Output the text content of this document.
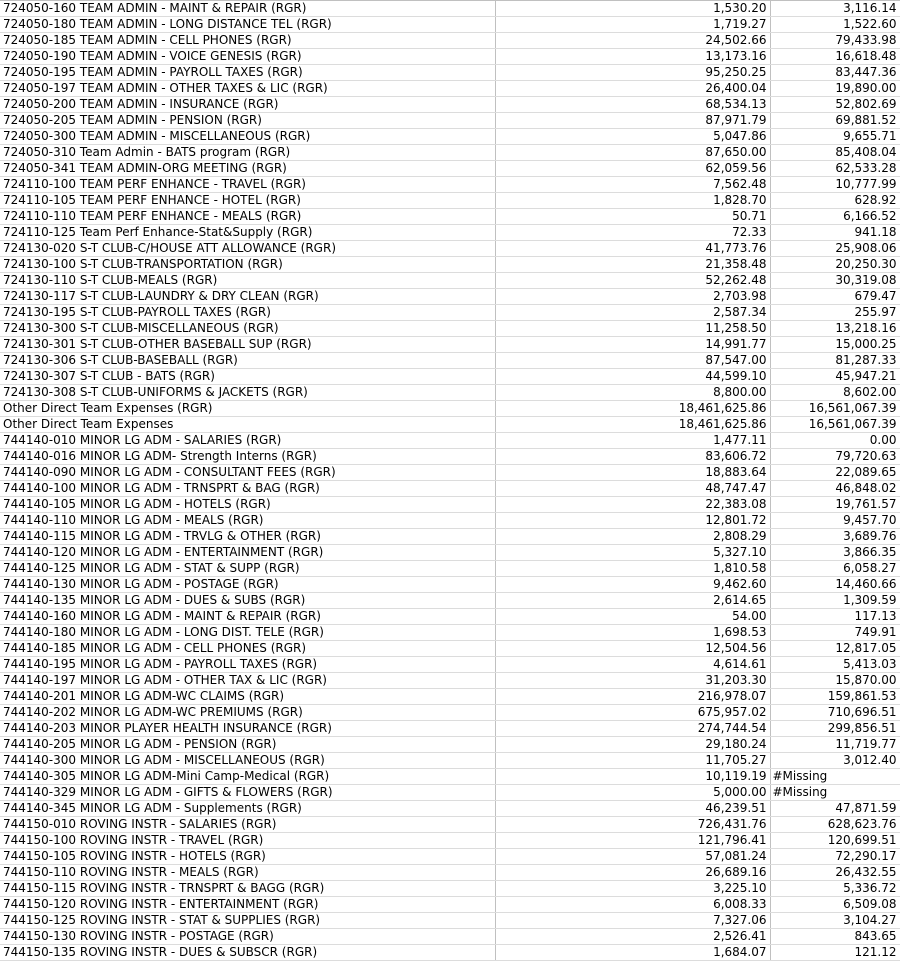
724050-160 TEAM ADMIN - MAINT & REPAIR (RGR)	1,530.20	3,116.14
724050-180 TEAM ADMIN - LONG DISTANCE TEL (RGR)	1,719.27	1,522.60
724050-185 TEAM ADMIN - CELL PHONES (RGR)	24,502.66	79,433.98
724050-190 TEAM ADMIN - VOICE GENESIS (RGR)	13,173.16	16,618.48
724050-195 TEAM ADMIN - PAYROLL TAXES (RGR)	95,250.25	83,447.36
724050-197 TEAM ADMIN - OTHER TAXES & LIC (RGR)	26,400.04	19,890.00
724050-200 TEAM ADMIN - INSURANCE (RGR)	68,534.13	52,802.69
724050-205 TEAM ADMIN - PENSION (RGR)	87,971.79	69,881.52
724050-300 TEAM ADMIN - MISCELLANEOUS (RGR)	5,047.86	9,655.71
724050-310 Team Admin - BATS program (RGR)	87,650.00	85,408.04
724050-341 TEAM ADMIN-ORG MEETING (RGR)	62,059.56	62,533.28
724110-100 TEAM PERF ENHANCE - TRAVEL (RGR)	7,562.48	10,777.99
724110-105 TEAM PERF ENHANCE - HOTEL (RGR)	1,828.70	628.92
724110-110 TEAM PERF ENHANCE - MEALS (RGR)	50.71	6,166.52
724110-125 Team Perf Enhance-Stat&Supply (RGR)	72.33	941.18
724130-020 S-T CLUB-C/HOUSE ATT ALLOWANCE (RGR)	41,773.76	25,908.06
724130-100 S-T CLUB-TRANSPORTATION (RGR)	21,358.48	20,250.30
724130-110 S-T CLUB-MEALS (RGR)	52,262.48	30,319.08
724130-117 S-T CLUB-LAUNDRY & DRY CLEAN (RGR)	2,703.98	679.47
724130-195 S-T CLUB-PAYROLL TAXES (RGR)	2,587.34	255.97
724130-300 S-T CLUB-MISCELLANEOUS (RGR)	11,258.50	13,218.16
724130-301 S-T CLUB-OTHER BASEBALL SUP (RGR)	14,991.77	15,000.25
724130-306 S-T CLUB-BASEBALL (RGR)	87,547.00	81,287.33
724130-307 S-T CLUB - BATS (RGR)	44,599.10	45,947.21
724130-308 S-T CLUB-UNIFORMS & JACKETS (RGR)	8,800.00	8,602.00
Other Direct Team Expenses (RGR)	18,461,625.86	16,561,067.39
Other Direct Team Expenses	18,461,625.86	16,561,067.39
744140-010 MINOR LG ADM - SALARIES (RGR)	1,477.11	0.00
744140-016 MINOR LG ADM- Strength Interns (RGR)	83,606.72	79,720.63
744140-090 MINOR LG ADM - CONSULTANT FEES (RGR)	18,883.64	22,089.65
744140-100 MINOR LG ADM - TRNSPRT & BAG (RGR)	48,747.47	46,848.02
744140-105 MINOR LG ADM - HOTELS (RGR)	22,383.08	19,761.57
744140-110 MINOR LG ADM - MEALS (RGR)	12,801.72	9,457.70
744140-115 MINOR LG ADM - TRVLG & OTHER (RGR)	2,808.29	3,689.76
744140-120 MINOR LG ADM - ENTERTAINMENT (RGR)	5,327.10	3,866.35
744140-125 MINOR LG ADM - STAT & SUPP (RGR)	1,810.58	6,058.27
744140-130 MINOR LG ADM - POSTAGE (RGR)	9,462.60	14,460.66
744140-135 MINOR LG ADM - DUES & SUBS (RGR)	2,614.65	1,309.59
744140-160 MINOR LG ADM - MAINT & REPAIR (RGR)	54.00	117.13
744140-180 MINOR LG ADM - LONG DIST. TELE (RGR)	1,698.53	749.91
744140-185 MINOR LG ADM - CELL PHONES (RGR)	12,504.56	12,817.05
744140-195 MINOR LG ADM - PAYROLL TAXES (RGR)	4,614.61	5,413.03
744140-197 MINOR LG ADM - OTHER TAX & LIC (RGR)	31,203.30	15,870.00
744140-201 MINOR LG ADM-WC CLAIMS (RGR)	216,978.07	159,861.53
744140-202 MINOR LG ADM-WC PREMIUMS (RGR)	675,957.02	710,696.51
744140-203 MINOR PLAYER HEALTH INSURANCE (RGR)	274,744.54	299,856.51
744140-205 MINOR LG ADM - PENSION (RGR)	29,180.24	11,719.77
744140-300 MINOR LG ADM - MISCELLANEOUS (RGR)	11,705.27	3,012.40
744140-305 MINOR LG ADM-Mini Camp-Medical (RGR)	10,119.19	#Missing
744140-329 MINOR LG ADM - GIFTS & FLOWERS (RGR)	5,000.00	#Missing
744140-345 MINOR LG ADM - Supplements (RGR)	46,239.51	47,871.59
744150-010 ROVING INSTR - SALARIES (RGR)	726,431.76	628,623.76
744150-100 ROVING INSTR - TRAVEL (RGR)	121,796.41	120,699.51
744150-105 ROVING INSTR - HOTELS (RGR)	57,081.24	72,290.17
744150-110 ROVING INSTR - MEALS (RGR)	26,689.16	26,432.55
744150-115 ROVING INSTR - TRNSPRT & BAGG (RGR)	3,225.10	5,336.72
744150-120 ROVING INSTR - ENTERTAINMENT (RGR)	6,008.33	6,509.08
744150-125 ROVING INSTR - STAT & SUPPLIES (RGR)	7,327.06	3,104.27
744150-130 ROVING INSTR - POSTAGE (RGR)	2,526.41	843.65
744150-135 ROVING INSTR - DUES & SUBSCR (RGR)	1,684.07	121.12
